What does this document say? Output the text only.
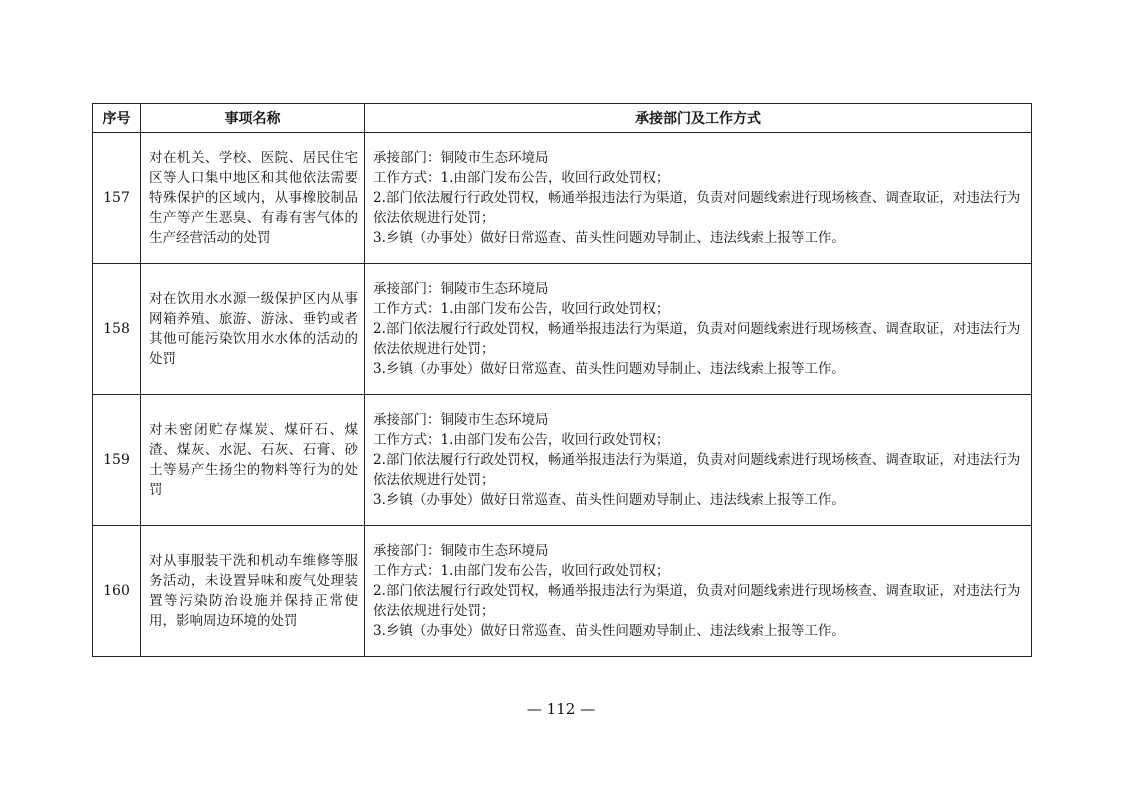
序号	事项名称	承接部门及工作方式
157	对在机关、学校、医院、居民住宅区等人口集中地区和其他依法需要特殊保护的区域内，从事橡胶制品生产等产生恶臭、有毒有害气体的生产经营活动的处罚	承接部门：铜陵市生态环境局
工作方式：1.由部门发布公告，收回行政处罚权；
2.部门依法履行行政处罚权，畅通举报违法行为渠道，负责对问题线索进行现场核查、调查取证，对违法行为依法依规进行处罚；
3.乡镇（办事处）做好日常巡查、苗头性问题劝导制止、违法线索上报等工作。

158	对在饮用水水源一级保护区内从事网箱养殖、旅游、游泳、垂钓或者其他可能污染饮用水水体的活动的处罚	承接部门：铜陵市生态环境局
工作方式：1.由部门发布公告，收回行政处罚权；
2.部门依法履行行政处罚权，畅通举报违法行为渠道，负责对问题线索进行现场核查、调查取证，对违法行为依法依规进行处罚；
3.乡镇（办事处）做好日常巡查、苗头性问题劝导制止、违法线索上报等工作。

159	对未密闭贮存煤炭、煤矸石、煤渣、煤灰、水泥、石灰、石膏、砂土等易产生扬尘的物料等行为的处罚	承接部门：铜陵市生态环境局
工作方式：1.由部门发布公告，收回行政处罚权；
2.部门依法履行行政处罚权，畅通举报违法行为渠道，负责对问题线索进行现场核查、调查取证，对违法行为依法依规进行处罚；
3.乡镇（办事处）做好日常巡查、苗头性问题劝导制止、违法线索上报等工作。

160	对从事服装干洗和机动车维修等服务活动，未设置异味和废气处理装置等污染防治设施并保持正常使用，影响周边环境的处罚	承接部门：铜陵市生态环境局
工作方式：1.由部门发布公告，收回行政处罚权；
2.部门依法履行行政处罚权，畅通举报违法行为渠道，负责对问题线索进行现场核查、调查取证，对违法行为依法依规进行处罚；
3.乡镇（办事处）做好日常巡查、苗头性问题劝导制止、违法线索上报等工作。
— 112 —
